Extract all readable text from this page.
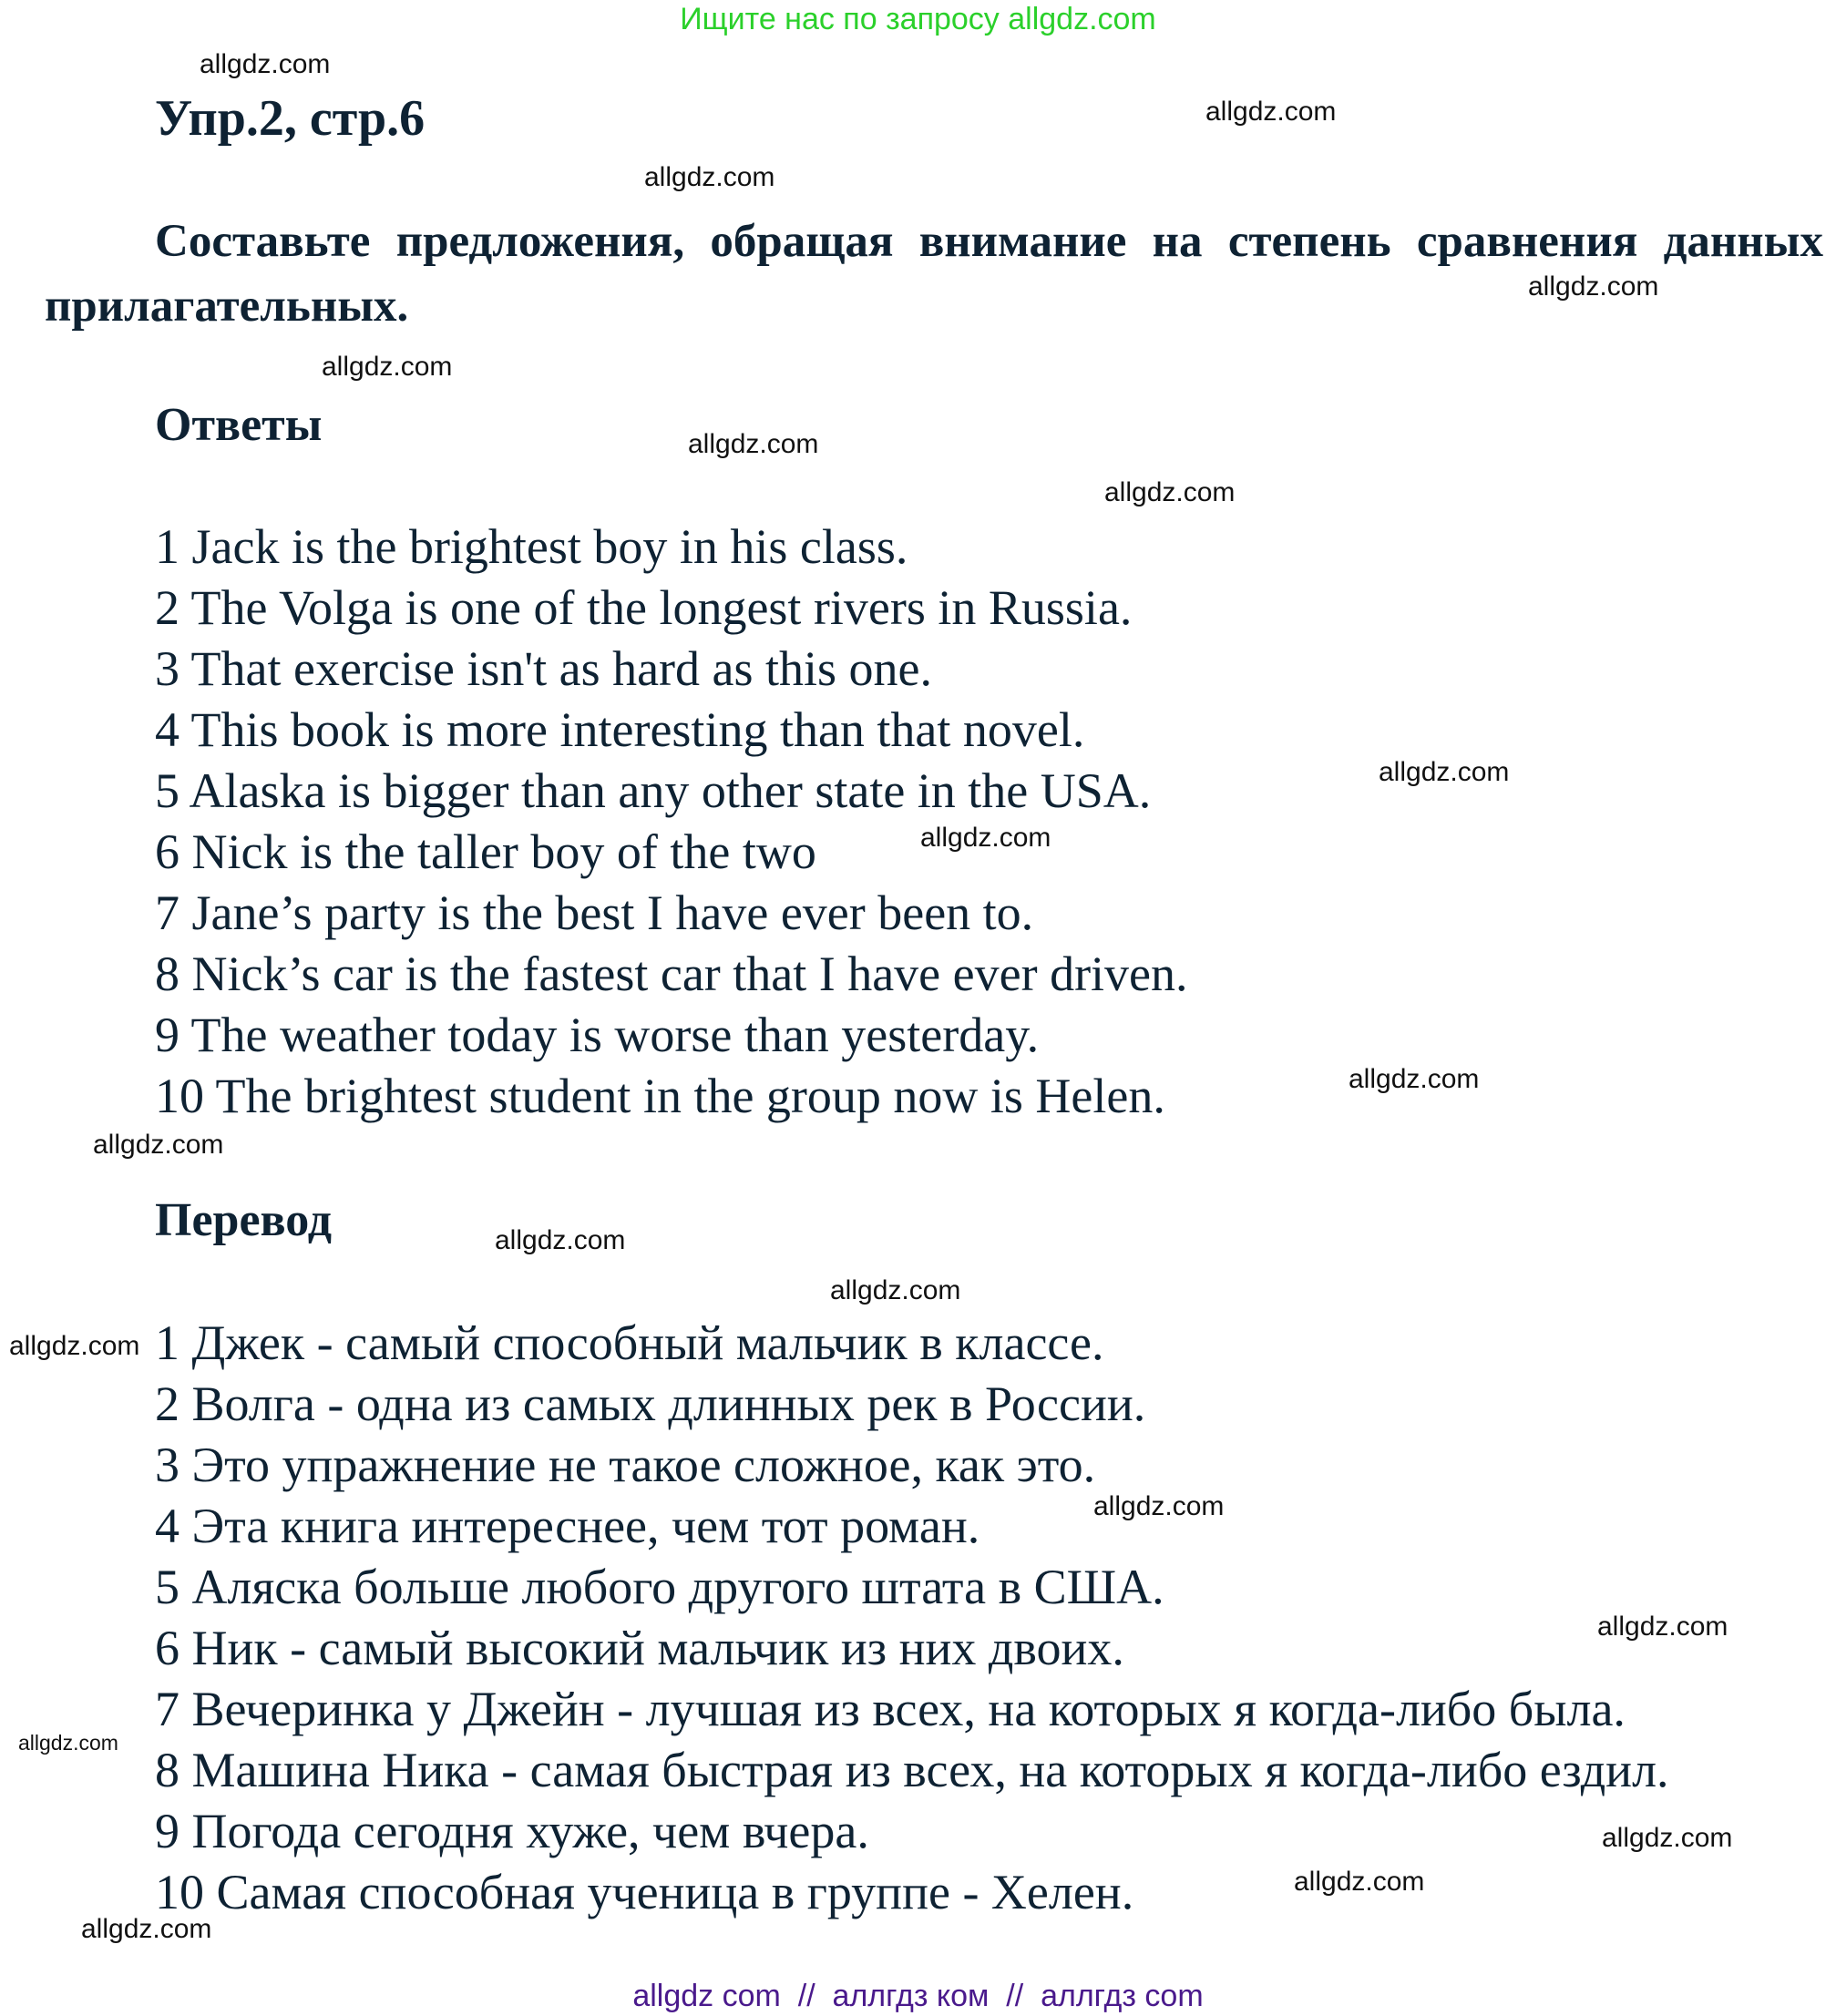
Ищите нас по запросу allgdz.com
Упр.2, стр.6
Составьте предложения, обращая внимание на степень сравнения данных прилагательных.
Ответы
1 Jack is the brightest boy in his class.
2 The Volga is one of the longest rivers in Russia.
3 That exercise isn't as hard as this one.
4 This book is more interesting than that novel.
5 Alaska is bigger than any other state in the USA.
6 Nick is the taller boy of the two
7 Jane’s party is the best I have ever been to.
8 Nick’s car is the fastest car that I have ever driven.
9 The weather today is worse than yesterday.
10 The brightest student in the group now is Helen.
Перевод
1 Джек - самый способный мальчик в классе.
2 Волга - одна из самых длинных рек в России.
3 Это упражнение не такое сложное, как это.
4 Эта книга интереснее, чем тот роман.
5 Аляска больше любого другого штата в США.
6 Ник - самый высокий мальчик из них двоих.
7 Вечеринка у Джейн - лучшая из всех, на которых я когда-либо была.
8 Машина Ника - самая быстрая из всех, на которых я когда-либо ездил.
9 Погода сегодня хуже, чем вчера.
10 Самая способная ученица в группе - Хелен.
allgdz.com
allgdz.com
allgdz.com
allgdz.com
allgdz.com
allgdz.com
allgdz.com
allgdz.com
allgdz.com
allgdz.com
allgdz.com
allgdz.com
allgdz.com
allgdz.com
allgdz.com
allgdz.com
allgdz.com
allgdz.com
allgdz.com
allgdz.com
allgdz com  //  аллгдз ком  //  аллгдз com
